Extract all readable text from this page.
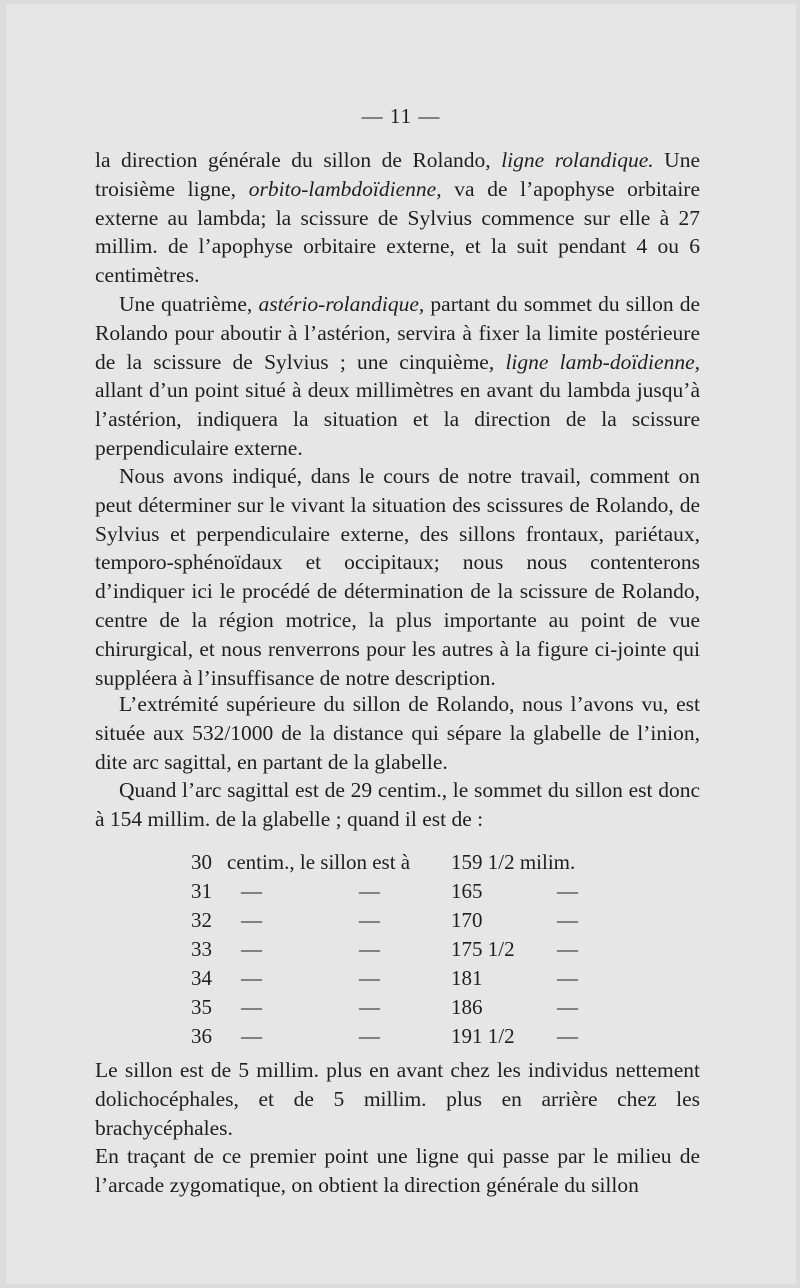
— 11 —

la direction générale du sillon de Rolando, ligne rolandique. Une troisième ligne, orbito-lambdoïdienne, va de l’apophyse orbitaire externe au lambda; la scissure de Sylvius commence sur elle à 27 millim. de l’apophyse orbitaire externe, et la suit pendant 4 ou 6 centimètres.

Une quatrième, astério-rolandique, partant du sommet du sillon de Rolando pour aboutir à l’astérion, servira à fixer la limite postérieure de la scissure de Sylvius ; une cinquième, ligne lamb-doïdienne, allant d’un point situé à deux millimètres en avant du lambda jusqu’à l’astérion, indiquera la situation et la direction de la scissure perpendiculaire externe.

Nous avons indiqué, dans le cours de notre travail, comment on peut déterminer sur le vivant la situation des scissures de Rolando, de Sylvius et perpendiculaire externe, des sillons frontaux, pariétaux, temporo-sphénoïdaux et occipitaux; nous nous contenterons d’indiquer ici le procédé de détermination de la scissure de Rolando, centre de la région motrice, la plus importante au point de vue chirurgical, et nous renverrons pour les autres à la figure ci-jointe qui suppléera à l’insuffisance de notre description.

L’extrémité supérieure du sillon de Rolando, nous l’avons vu, est située aux 532/1000 de la distance qui sépare la glabelle de l’inion, dite arc sagittal, en partant de la glabelle.

Quand l’arc sagittal est de 29 centim., le sommet du sillon est donc à 154 millim. de la glabelle ; quand il est de :

30 centim., le sillon est à 159 1/2 milim.
31 —	—	165	—
32 —	—	170	—
33 —	—	175 1/2 —
34 —	—	181	—
35 —	—	186	—
36 —	—	191 1/2 —

Le sillon est de 5 millim. plus en avant chez les individus nettement dolichocéphales, et de 5 millim. plus en arrière chez les brachycéphales.

En traçant de ce premier point une ligne qui passe par le milieu de l’arcade zygomatique, on obtient la direction générale du sillon
